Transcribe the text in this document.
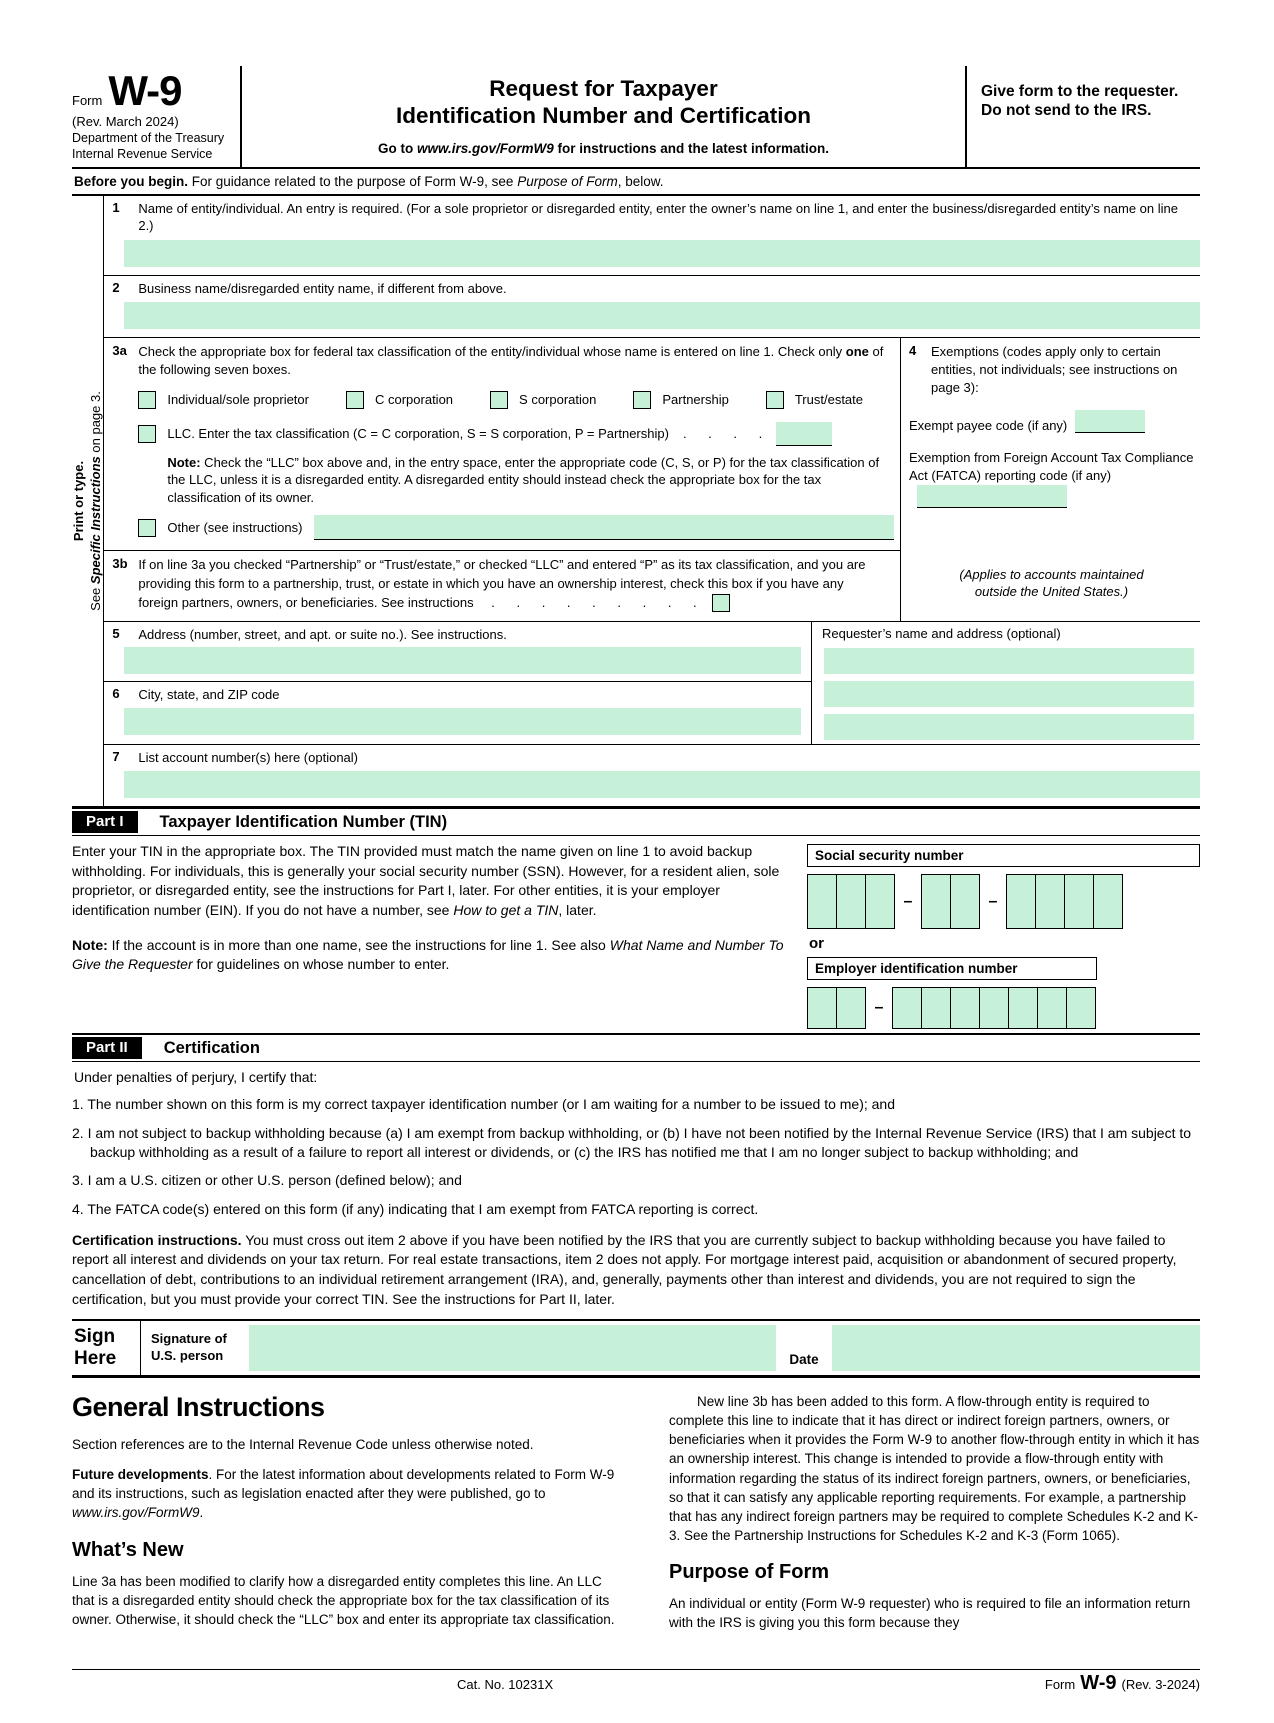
Form W-9
(Rev. March 2024)
Department of the Treasury
Internal Revenue Service
Request for Taxpayer
Identification Number and Certification
Go to www.irs.gov/FormW9 for instructions and the latest information.
Give form to the requester. Do not send to the IRS.
Before you begin. For guidance related to the purpose of Form W-9, see Purpose of Form, below.
Print or type.
See Specific Instructions on page 3.
1	Name of entity/individual. An entry is required. (For a sole proprietor or disregarded entity, enter the owner’s name on line 1, and enter the business/disregarded entity’s name on line 2.)
2	Business name/disregarded entity name, if different from above.
3a Check the appropriate box for federal tax classification of the entity/individual whose name is entered on line 1. Check only one of the following seven boxes.
Individual/sole proprietor	C corporation	S corporation	Partnership	Trust/estate
LLC. Enter the tax classification (C = C corporation, S = S corporation, P = Partnership) . . . .
Note: Check the “LLC” box above and, in the entry space, enter the appropriate code (C, S, or P) for the tax classification of the LLC, unless it is a disregarded entity. A disregarded entity should instead check the appropriate box for the tax classification of its owner.
Other (see instructions)
3b If on line 3a you checked “Partnership” or “Trust/estate,” or checked “LLC” and entered “P” as its tax classification, and you are providing this form to a partnership, trust, or estate in which you have an ownership interest, check this box if you have any foreign partners, owners, or beneficiaries. See instructions . . . . . . . . .
4	Exemptions (codes apply only to certain entities, not individuals; see instructions on page 3):
Exempt payee code (if any)
Exemption from Foreign Account Tax Compliance Act (FATCA) reporting code (if any)
(Applies to accounts maintained
outside the United States.)
5	Address (number, street, and apt. or suite no.). See instructions.
6	City, state, and ZIP code
Requester’s name and address (optional)
7	List account number(s) here (optional)
Part I	Taxpayer Identification Number (TIN)

Enter your TIN in the appropriate box. The TIN provided must match the name given on line 1 to avoid backup withholding. For individuals, this is generally your social security number (SSN). However, for a resident alien, sole proprietor, or disregarded entity, see the instructions for Part I, later. For other entities, it is your employer identification number (EIN). If you do not have a number, see How to get a TIN, later.

Note: If the account is in more than one name, see the instructions for line 1. See also What Name and Number To Give the Requester for guidelines on whose number to enter.

Social security number
–	–
or
Employer identification number
–
Part II	Certification
Under penalties of perjury, I certify that:
1. The number shown on this form is my correct taxpayer identification number (or I am waiting for a number to be issued to me); and
2. I am not subject to backup withholding because (a) I am exempt from backup withholding, or (b) I have not been notified by the Internal Revenue Service (IRS) that I am subject to backup withholding as a result of a failure to report all interest or dividends, or (c) the IRS has notified me that I am no longer subject to backup withholding; and
3. I am a U.S. citizen or other U.S. person (defined below); and
4. The FATCA code(s) entered on this form (if any) indicating that I am exempt from FATCA reporting is correct.
Certification instructions. You must cross out item 2 above if you have been notified by the IRS that you are currently subject to backup withholding because you have failed to report all interest and dividends on your tax return. For real estate transactions, item 2 does not apply. For mortgage interest paid, acquisition or abandonment of secured property, cancellation of debt, contributions to an individual retirement arrangement (IRA), and, generally, payments other than interest and dividends, you are not required to sign the certification, but you must provide your correct TIN. See the instructions for Part II, later.
Sign
Here
Signature of
U.S. person	Date
General Instructions
Section references are to the Internal Revenue Code unless otherwise noted.
Future developments. For the latest information about developments related to Form W-9 and its instructions, such as legislation enacted after they were published, go to www.irs.gov/FormW9.
What’s New
Line 3a has been modified to clarify how a disregarded entity completes this line. An LLC that is a disregarded entity should check the appropriate box for the tax classification of its owner. Otherwise, it should check the “LLC” box and enter its appropriate tax classification.
New line 3b has been added to this form. A flow-through entity is required to complete this line to indicate that it has direct or indirect foreign partners, owners, or beneficiaries when it provides the Form W-9 to another flow-through entity in which it has an ownership interest. This change is intended to provide a flow-through entity with information regarding the status of its indirect foreign partners, owners, or beneficiaries, so that it can satisfy any applicable reporting requirements. For example, a partnership that has any indirect foreign partners may be required to complete Schedules K-2 and K-3. See the Partnership Instructions for Schedules K-2 and K-3 (Form 1065).
Purpose of Form
An individual or entity (Form W-9 requester) who is required to file an information return with the IRS is giving you this form because they
Cat. No. 10231X	Form W-9 (Rev. 3-2024)
